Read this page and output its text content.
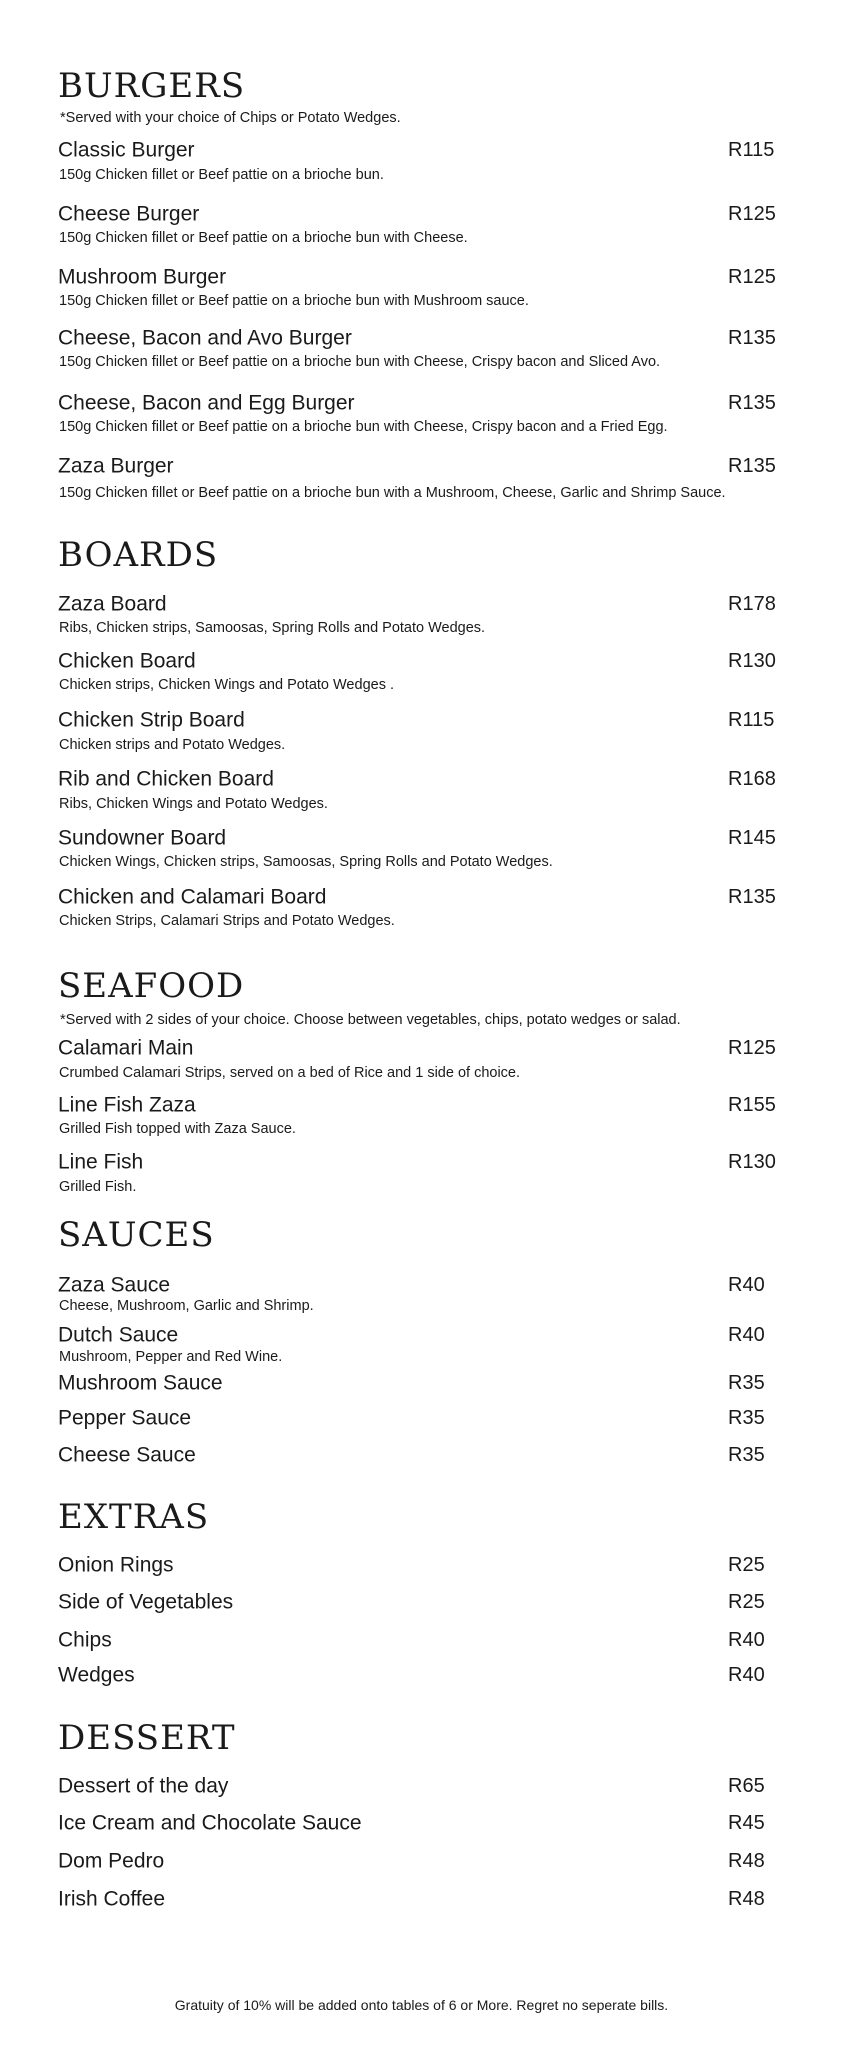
BURGERS
*Served with your choice of Chips or Potato Wedges.
Classic Burger	R115
150g Chicken fillet or Beef pattie on a brioche bun.
Cheese Burger	R125
150g Chicken fillet or Beef pattie on a brioche bun with Cheese.
Mushroom Burger	R125
150g Chicken fillet or Beef pattie on a brioche bun with Mushroom sauce.
Cheese, Bacon and Avo Burger	R135
150g Chicken fillet or Beef pattie on a brioche bun with Cheese, Crispy bacon and Sliced Avo.
Cheese, Bacon and Egg Burger	R135
150g Chicken fillet or Beef pattie on a brioche bun with Cheese, Crispy bacon and a Fried Egg.
Zaza Burger	R135
150g Chicken fillet or Beef pattie on a brioche bun with a Mushroom, Cheese, Garlic and Shrimp Sauce.
BOARDS
Zaza Board	R178
Ribs, Chicken strips, Samoosas, Spring Rolls and Potato Wedges.
Chicken Board	R130
Chicken strips, Chicken Wings and Potato Wedges .
Chicken Strip Board	R115
Chicken strips and Potato Wedges.
Rib and Chicken Board	R168
Ribs, Chicken Wings and Potato Wedges.
Sundowner Board	R145
Chicken Wings, Chicken strips, Samoosas, Spring Rolls and Potato Wedges.
Chicken and Calamari Board	R135
Chicken Strips, Calamari Strips and Potato Wedges.
SEAFOOD
*Served with 2 sides of your choice. Choose between vegetables, chips, potato wedges or salad.
Calamari Main	R125
Crumbed Calamari Strips, served on a bed of Rice and 1 side of choice.
Line Fish Zaza	R155
Grilled Fish topped with Zaza Sauce.
Line Fish	R130
Grilled Fish.
SAUCES
Zaza Sauce	R40
Cheese, Mushroom, Garlic and Shrimp.
Dutch Sauce	R40
Mushroom, Pepper and Red Wine.
Mushroom Sauce	R35
Pepper Sauce	R35
Cheese Sauce	R35
EXTRAS
Onion Rings	R25
Side of Vegetables	R25
Chips	R40
Wedges	R40
DESSERT
Dessert of the day	R65
Ice Cream and Chocolate Sauce	R45
Dom Pedro	R48
Irish Coffee	R48
Gratuity of 10% will be added onto tables of 6 or More. Regret no seperate bills.
